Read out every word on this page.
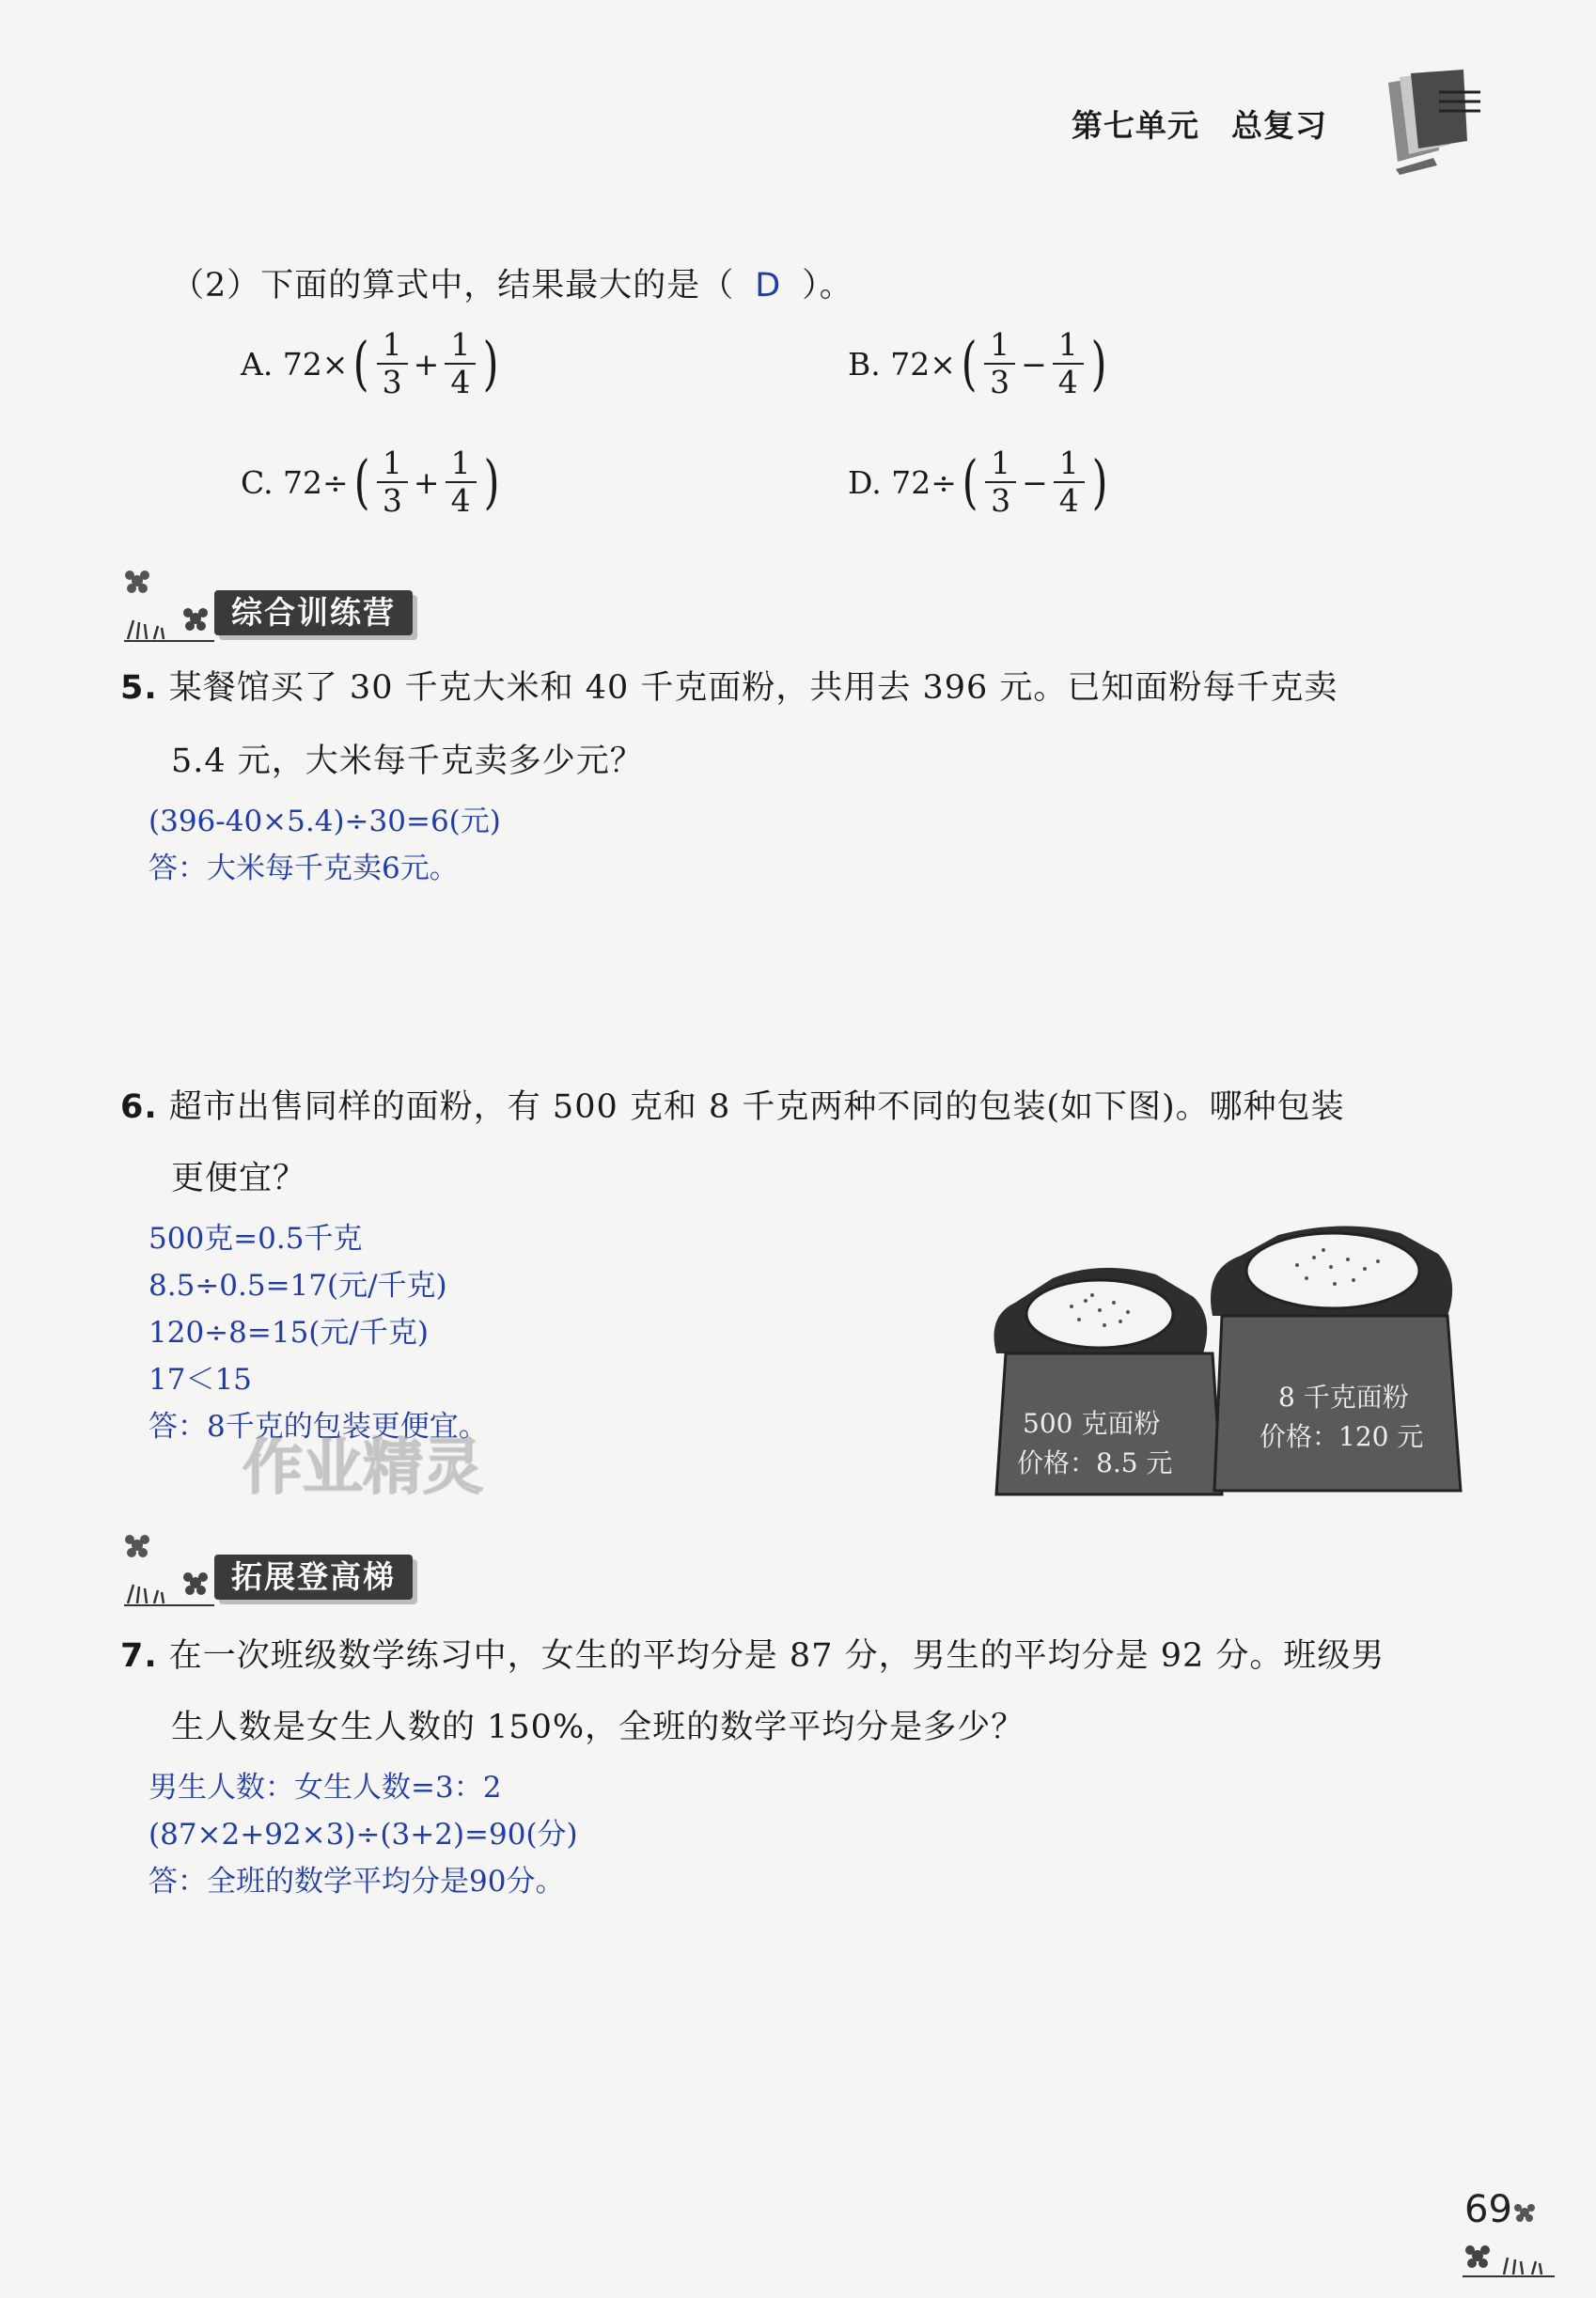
第七单元 总复习
（2）下面的算式中，结果最大的是（ D ）。
A. 72× ( $\frac{1}{3} + \frac{1}{4}$ )	B. 72× ( $\frac{1}{3} - \frac{1}{4}$ )
C. 72÷ ( $\frac{1}{3} + \frac{1}{4}$ )	D. 72÷ ( $\frac{1}{3} - \frac{1}{4}$ )
综合训练营
5. 某餐馆买了 30 千克大米和 40 千克面粉，共用去 396 元。已知面粉每千克卖
5.4 元，大米每千克卖多少元？
(396-40×5.4)÷30=6(元)
答：大米每千克卖6元。
6. 超市出售同样的面粉，有 500 克和 8 千克两种不同的包装(如下图)。哪种包装
更便宜？
500克=0.5千克
8.5÷0.5=17(元/千克)
120÷8=15(元/千克)
17＜15
答：8千克的包装更便宜。	500 克面粉
价格：8.5 元
8 千克面粉
价格：120 元
作业精灵
拓展登高梯
7. 在一次班级数学练习中，女生的平均分是 87 分，男生的平均分是 92 分。班级男
生人数是女生人数的 150%，全班的数学平均分是多少？
男生人数：女生人数=3：2
(87×2+92×3)÷(3+2)=90(分)
答：全班的数学平均分是90分。
69
